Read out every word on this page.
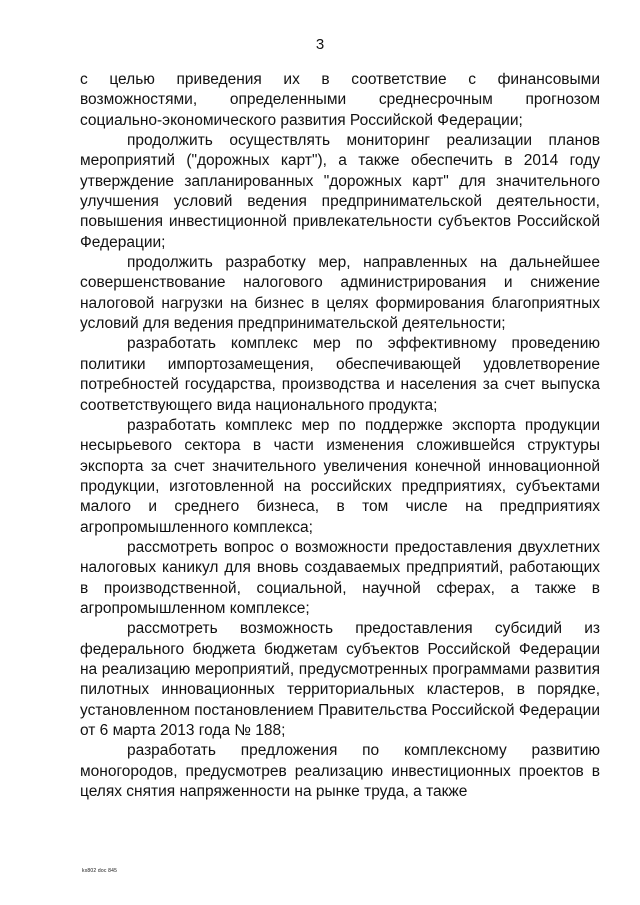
3

с целью приведения их в соответствие с финансовыми возможностями, определенными среднесрочным прогнозом социально-экономического развития Российской Федерации;

продолжить осуществлять мониторинг реализации планов мероприятий ("дорожных карт"), а также обеспечить в 2014 году утверждение запланированных "дорожных карт" для значительного улучшения условий ведения предпринимательской деятельности, повышения инвестиционной привлекательности субъектов Российской Федерации;

продолжить разработку мер, направленных на дальнейшее совершенствование налогового администрирования и снижение налоговой нагрузки на бизнес в целях формирования благоприятных условий для ведения предпринимательской деятельности;

разработать комплекс мер по эффективному проведению политики импортозамещения, обеспечивающей удовлетворение потребностей государства, производства и населения за счет выпуска соответствующего вида национального продукта;

разработать комплекс мер по поддержке экспорта продукции несырьевого сектора в части изменения сложившейся структуры экспорта за счет значительного увеличения конечной инновационной продукции, изготовленной на российских предприятиях, субъектами малого и среднего бизнеса, в том числе на предприятиях агропромышленного комплекса;

рассмотреть вопрос о возможности предоставления двухлетних налоговых каникул для вновь создаваемых предприятий, работающих в производственной, социальной, научной сферах, а также в агропромышленном комплексе;

рассмотреть возможность предоставления субсидий из федерального бюджета бюджетам субъектов Российской Федерации на реализацию мероприятий, предусмотренных программами развития пилотных инновационных территориальных кластеров, в порядке, установленном постановлением Правительства Российской Федерации от 6 марта 2013 года № 188;

разработать предложения по комплексному развитию моногородов, предусмотрев реализацию инвестиционных проектов в целях снятия напряженности на рынке труда, а также

kx802 doc 845
